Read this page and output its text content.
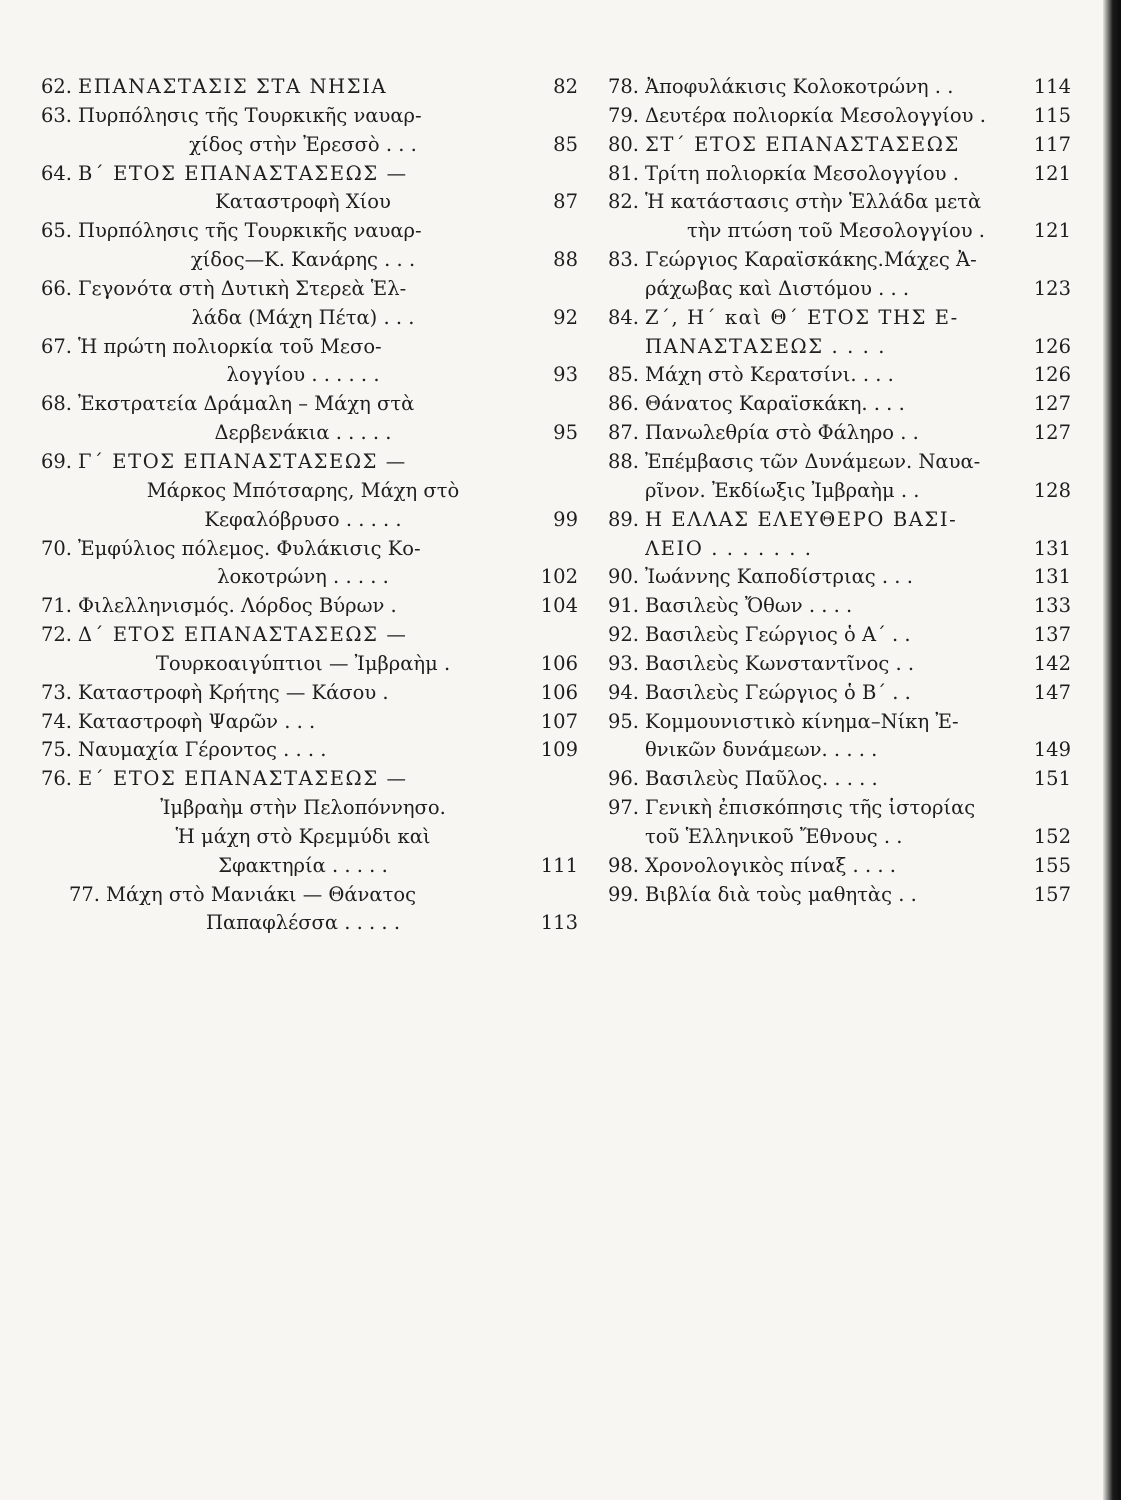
62. ΕΠΑΝΑΣΤΑΣΙΣ ΣΤΑ ΝΗΣΙΑ	82
63. Πυρπόλησις τῆς Τουρκικῆς ναυαρ-
χίδος στὴν Ἐρεσσὸ . . .	85
64. Β΄ ΕΤΟΣ ΕΠΑΝΑΣΤΑΣΕΩΣ —
Καταστροφὴ Χίου	87
65. Πυρπόλησις τῆς Τουρκικῆς ναυαρ-
χίδος—Κ. Κανάρης . . .	88
66. Γεγονότα στὴ Δυτικὴ Στερεὰ Ἑλ-
λάδα (Μάχη Πέτα) . . .	92
67. Ἡ πρώτη πολιορκία τοῦ Μεσο-
λογγίου . . . . . .	93
68. Ἐκστρατεία Δράμαλη – Μάχη στὰ
Δερβενάκια . . . . .	95
69. Γ΄ ΕΤΟΣ ΕΠΑΝΑΣΤΑΣΕΩΣ —
Μάρκος Μπότσαρης, Μάχη στὸ
Κεφαλόβρυσο . . . . .	99
70. Ἐμφύλιος πόλεμος. Φυλάκισις Κο-
λοκοτρώνη . . . . .	102
71. Φιλελληνισμός. Λόρδος Βύρων .	104
72. Δ΄ ΕΤΟΣ ΕΠΑΝΑΣΤΑΣΕΩΣ —
Τουρκοαιγύπτιοι — Ἰμβραὴμ .	106
73. Καταστροφὴ Κρήτης — Κάσου .	106
74. Καταστροφὴ Ψαρῶν . . .	107
75. Ναυμαχία Γέροντος . . . .	109
76. Ε΄ ΕΤΟΣ ΕΠΑΝΑΣΤΑΣΕΩΣ —
Ἰμβραὴμ στὴν Πελοπόννησο.
Ἡ μάχη στὸ Κρεμμύδι καὶ
Σφακτηρία . . . . .	111
77. Μάχη στὸ Μανιάκι — Θάνατος
Παπαφλέσσα . . . . .	113
78. Ἀποφυλάκισις Κολοκοτρώνη . .	114
79. Δευτέρα πολιορκία Μεσολογγίου .	115
80. ΣΤ΄ ΕΤΟΣ ΕΠΑΝΑΣΤΑΣΕΩΣ	117
81. Τρίτη πολιορκία Μεσολογγίου .	121
82. Ἡ κατάστασις στὴν Ἑλλάδα μετὰ
τὴν πτώση τοῦ Μεσολογγίου .	121
83. Γεώργιος Καραϊσκάκης.Μάχες Ἀ-
ράχωβας καὶ Διστόμου . . .	123
84. Ζ΄, Η΄ καὶ Θ΄ ΕΤΟΣ ΤΗΣ Ε-
ΠΑΝΑΣΤΑΣΕΩΣ . . . .	126
85. Μάχη στὸ Κερατσίνι. . . .	126
86. Θάνατος Καραϊσκάκη. . . .	127
87. Πανωλεθρία στὸ Φάληρο . .	127
88. Ἐπέμβασις τῶν Δυνάμεων. Ναυα-
ρῖνον. Ἐκδίωξις Ἰμβραὴμ . .	128
89. Η ΕΛΛΑΣ ΕΛΕΥΘΕΡΟ ΒΑΣΙ-
ΛΕΙΟ . . . . . . .	131
90. Ἰωάννης Καποδίστριας . . .	131
91. Βασιλεὺς Ὄθων . . . .	133
92. Βασιλεὺς Γεώργιος ὁ Α΄ . .	137
93. Βασιλεὺς Κωνσταντῖνος . .	142
94. Βασιλεὺς Γεώργιος ὁ Β΄ . .	147
95. Κομμουνιστικὸ κίνημα–Νίκη Ἐ-
θνικῶν δυνάμεων. . . . .	149
96. Βασιλεὺς Παῦλος. . . . .	151
97. Γενικὴ ἐπισκόπησις τῆς ἱστορίας
τοῦ Ἑλληνικοῦ Ἔθνους . .	152
98. Χρονολογικὸς πίναξ . . . .	155
99. Βιβλία διὰ τοὺς μαθητὰς . .	157
